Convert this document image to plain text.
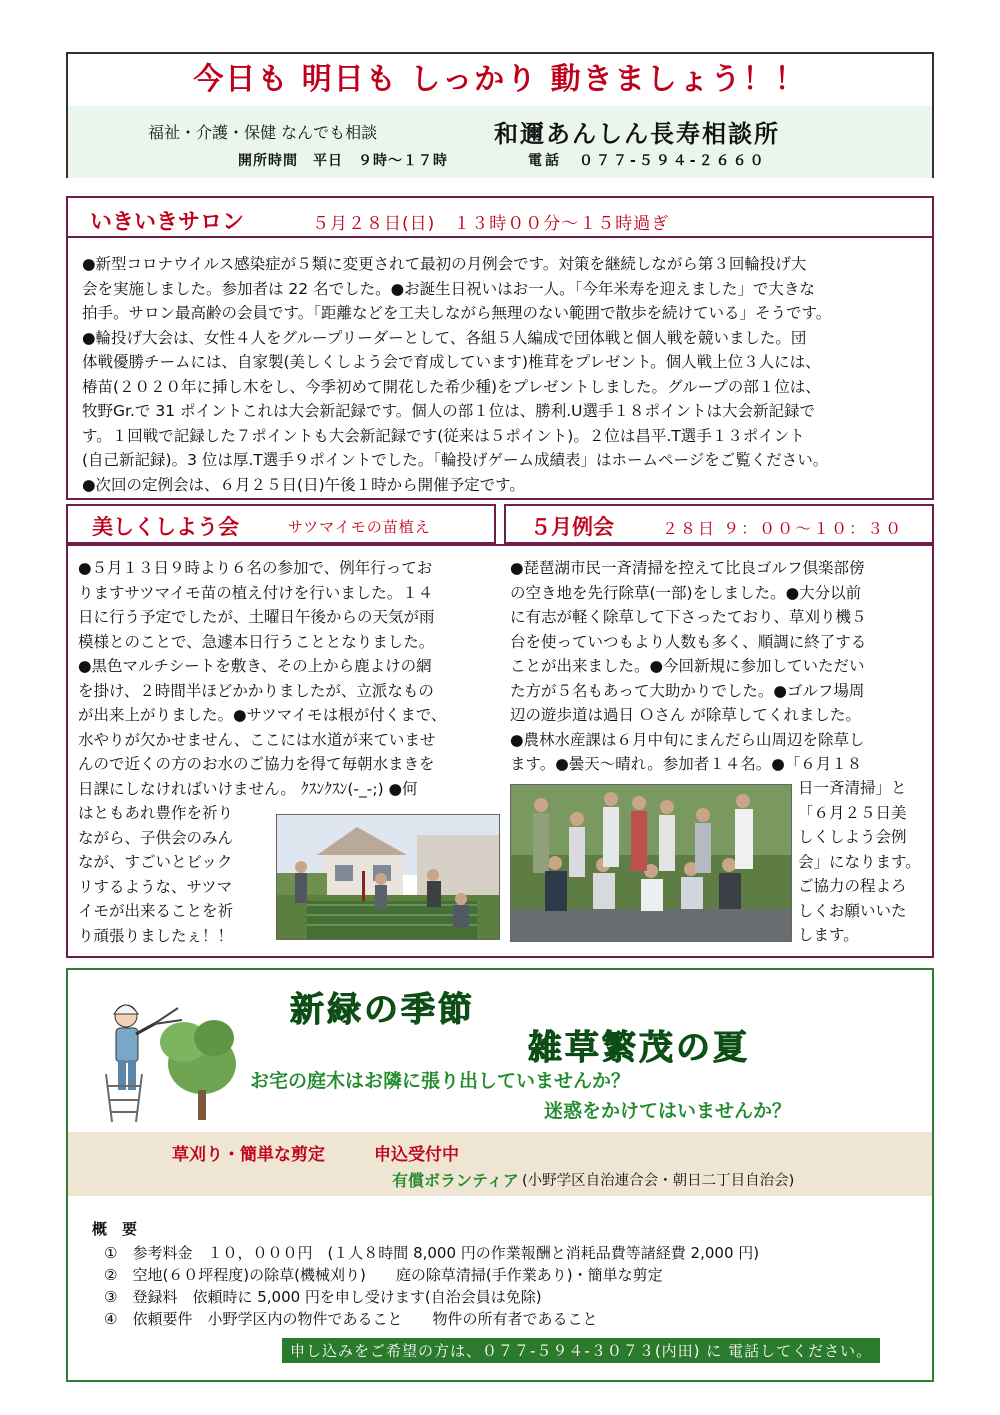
今日も 明日も しっかり 動きましょう！！
福祉・介護・保健 なんでも相談	和邇あんしん長寿相談所
開所時間　平日　９時～１７時	電話　０７７-５９４-２６６０
いきいきサロン	５月２８日(日)　１３時００分～１５時過ぎ

●新型コロナウイルス感染症が５類に変更されて最初の月例会です。対策を継続しながら第３回輪投げ大

会を実施しました。参加者は 22 名でした。●お誕生日祝いはお一人。「今年米寿を迎えました」で大きな

拍手。サロン最高齢の会員です。「距離などを工夫しながら無理のない範囲で散歩を続けている」そうです。

●輪投げ大会は、女性４人をグループリーダーとして、各組５人編成で団体戦と個人戦を競いました。団

体戦優勝チームには、自家製(美しくしよう会で育成しています)椎茸をプレゼント。個人戦上位３人には、

椿苗(２０２０年に挿し木をし、今季初めて開花した希少種)をプレゼントしました。グループの部１位は、

牧野Gr.で 31 ポイントこれは大会新記録です。個人の部１位は、勝利.U選手１８ポイントは大会新記録で

す。１回戦で記録した７ポイントも大会新記録です(従来は５ポイント)。２位は昌平.T選手１３ポイント

(自己新記録)。3 位は厚.T選手９ポイントでした。「輪投げゲーム成績表」はホームページをご覧ください。

●次回の定例会は、６月２５日(日)午後１時から開催予定です。

美しくしよう会	サツマイモの苗植え	５月例会	２８日 ９：００～１０：３０

●５月１３日９時より６名の参加で、例年行ってお

りますサツマイモ苗の植え付けを行いました。１４

日に行う予定でしたが、土曜日午後からの天気が雨

模様とのことで、急遽本日行うこととなりました。

●黒色マルチシートを敷き、その上から鹿よけの網

を掛け、２時間半ほどかかりましたが、立派なもの

が出来上がりました。●サツマイモは根が付くまで、

水やりが欠かせません、ここには水道が来ていませ

んので近くの方のお水のご協力を得て毎朝水まきを

日課にしなければいけません。 ｸｽﾝｸｽﾝ(-_-;) ●何

はともあれ豊作を祈り

ながら、子供会のみん

なが、すごいとビック

リするような、サツマ

イモが出来ることを祈

り頑張りましたぇ！！

●琵琶湖市民一斉清掃を控えて比良ゴルフ倶楽部傍

の空き地を先行除草(一部)をしました。●大分以前

に有志が軽く除草して下さったており、草刈り機５

台を使っていつもより人数も多く、順調に終了する

ことが出来ました。●今回新規に参加していただい

た方が５名もあって大助かりでした。●ゴルフ場周

辺の遊歩道は過日 Ｏさん が除草してくれました。

●農林水産課は６月中旬にまんだら山周辺を除草し

ます。●曇天～晴れ。参加者１４名。●「６月１８

日一斉清掃」と

「６月２５日美

しくしよう会例

会」になります。

ご協力の程よろ

しくお願いいた

します。

新緑の季節
雑草繁茂の夏
お宅の庭木はお隣に張り出していませんか？
迷惑をかけてはいませんか？
草刈り・簡単な剪定	申込受付中
有償ボランティア (小野学区自治連合会・朝日二丁目自治会)
概　要

①　参考料金　１０，０００円　(１人８時間 8,000 円の作業報酬と消耗品費等諸経費 2,000 円)

②　空地(６０坪程度)の除草(機械刈り)　　庭の除草清掃(手作業あり)・簡単な剪定

③　登録料　依頼時に 5,000 円を申し受けます(自治会員は免除)

④　依頼要件　小野学区内の物件であること　　物件の所有者であること

申し込みをご希望の方は、０７７-５９４-３０７３(内田) に 電話してください。
